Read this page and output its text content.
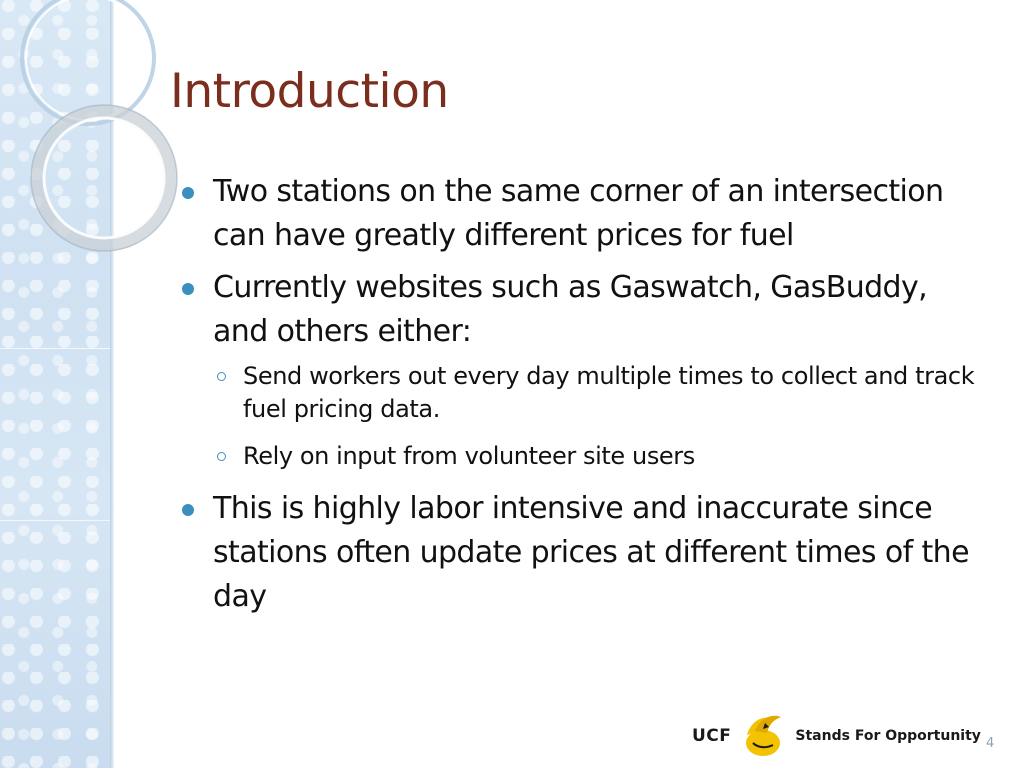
Introduction
Two stations on the same corner of an intersection can have greatly different prices for fuel
Currently websites such as Gaswatch, GasBuddy, and others either:
Send workers out every day multiple times to collect and track fuel pricing data.
Rely on input from volunteer site users
This is highly labor intensive and inaccurate since stations often update prices at different times of the day
UCF	Stands For Opportunity 4
